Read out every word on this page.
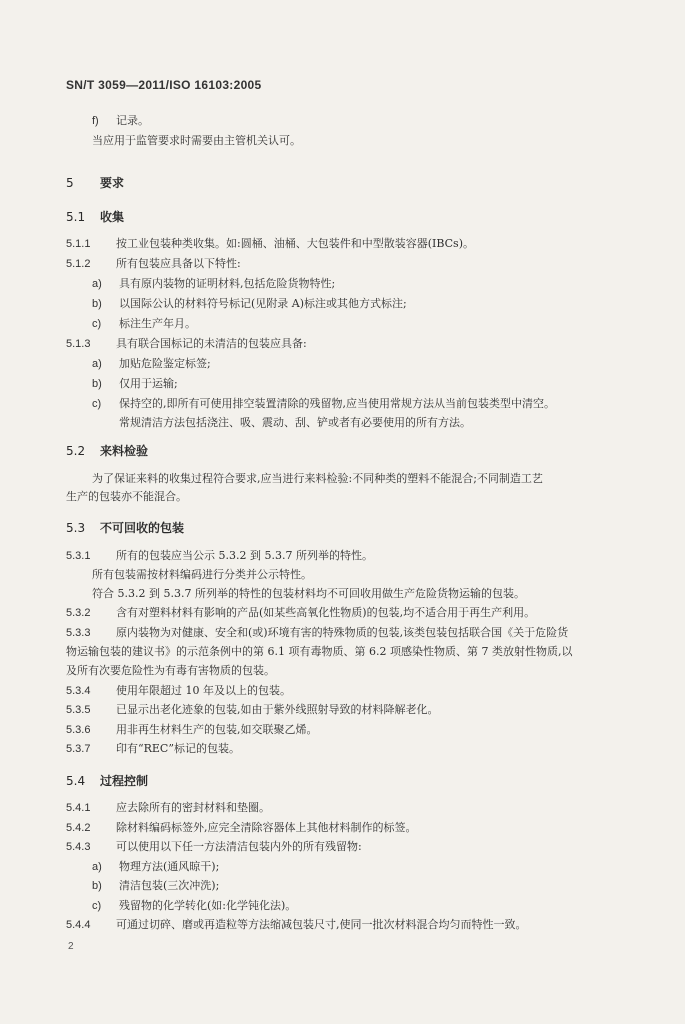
SN/T 3059—2011/ISO 16103:2005
f) 记录。
当应用于监管要求时需要由主管机关认可。
5 要求
5.1 收集
5.1.1 按工业包装种类收集。如:圆桶、油桶、大包装件和中型散装容器(IBCs)。
5.1.2 所有包装应具备以下特性:
a) 具有原内装物的证明材料,包括危险货物特性;
b) 以国际公认的材料符号标记(见附录 A)标注或其他方式标注;
c) 标注生产年月。
5.1.3 具有联合国标记的未清洁的包装应具备:
a) 加贴危险鉴定标签;
b) 仅用于运输;
c) 保持空的,即所有可使用排空装置清除的残留物,应当使用常规方法从当前包装类型中清空。
常规清洁方法包括浇注、吸、震动、刮、铲或者有必要使用的所有方法。
5.2 来料检验
为了保证来料的收集过程符合要求,应当进行来料检验:不同种类的塑料不能混合;不同制造工艺
生产的包装亦不能混合。
5.3 不可回收的包装
5.3.1 所有的包装应当公示 5.3.2 到 5.3.7 所列举的特性。
所有包装需按材料编码进行分类并公示特性。
符合 5.3.2 到 5.3.7 所列举的特性的包装材料均不可回收用做生产危险货物运输的包装。
5.3.2 含有对塑料材料有影响的产品(如某些高氧化性物质)的包装,均不适合用于再生产利用。
5.3.3 原内装物为对健康、安全和(或)环境有害的特殊物质的包装,该类包装包括联合国《关于危险货
物运输包装的建议书》的示范条例中的第 6.1 项有毒物质、第 6.2 项感染性物质、第 7 类放射性物质,以
及所有次要危险性为有毒有害物质的包装。
5.3.4 使用年限超过 10 年及以上的包装。
5.3.5 已显示出老化迹象的包装,如由于紫外线照射导致的材料降解老化。
5.3.6 用非再生材料生产的包装,如交联聚乙烯。
5.3.7 印有“REC”标记的包装。
5.4 过程控制
5.4.1 应去除所有的密封材料和垫圈。
5.4.2 除材料编码标签外,应完全清除容器体上其他材料制作的标签。
5.4.3 可以使用以下任一方法清洁包装内外的所有残留物:
a) 物理方法(通风晾干);
b) 清洁包装(三次冲洗);
c) 残留物的化学转化(如:化学钝化法)。
5.4.4 可通过切碎、磨或再造粒等方法缩减包装尺寸,使同一批次材料混合均匀而特性一致。
2
